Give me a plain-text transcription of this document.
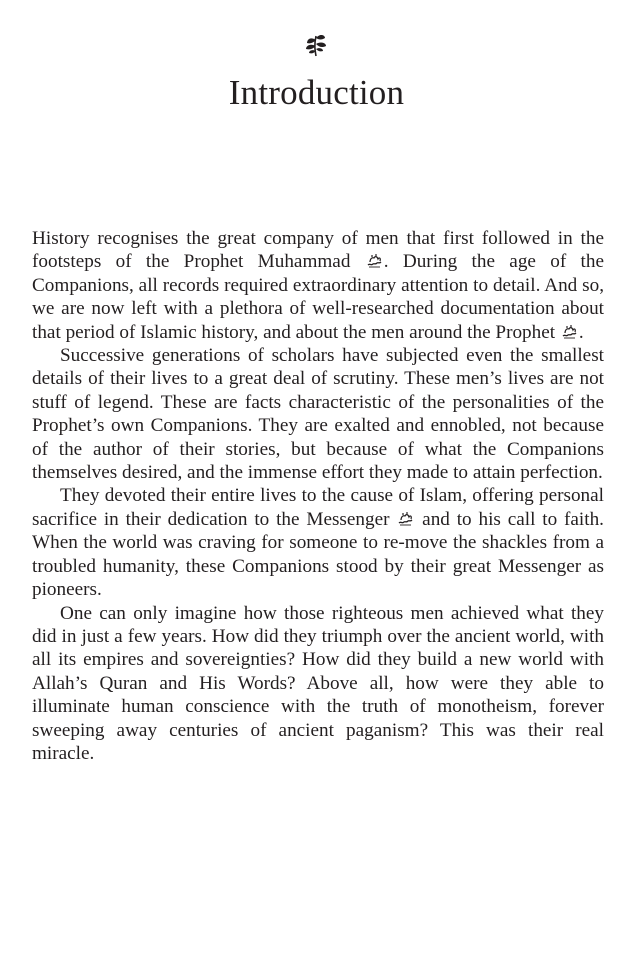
Introduction

History recognises the great company of men that first followed in the footsteps of the Prophet Muhammad
. During the age of the Companions, all records required extraordinary attention to detail. And so, we are now left with a plethora of well-researched documentation about that period of Islamic history, and about the men around the Prophet
.

Successive generations of scholars have subjected even the smallest details of their lives to a great deal of scrutiny. These men’s lives are not stuff of legend. These are facts characteristic of the personalities of the Prophet’s own Companions. They are exalted and ennobled, not because of the author of their stories, but because of what the Companions themselves desired, and the immense effort they made to attain perfection.

They devoted their entire lives to the cause of Islam, offering personal sacrifice in their dedication to the Messenger
and to his call to faith. When the world was craving for someone to re-move the shackles from a troubled humanity, these Companions stood by their great Messenger as pioneers.

One can only imagine how those righteous men achieved what they did in just a few years. How did they triumph over the ancient world, with all its empires and sovereignties? How did they build a new world with Allah’s Quran and His Words? Above all, how were they able to illuminate human conscience with the truth of monotheism, forever sweeping away centuries of ancient paganism? This was their real miracle.
